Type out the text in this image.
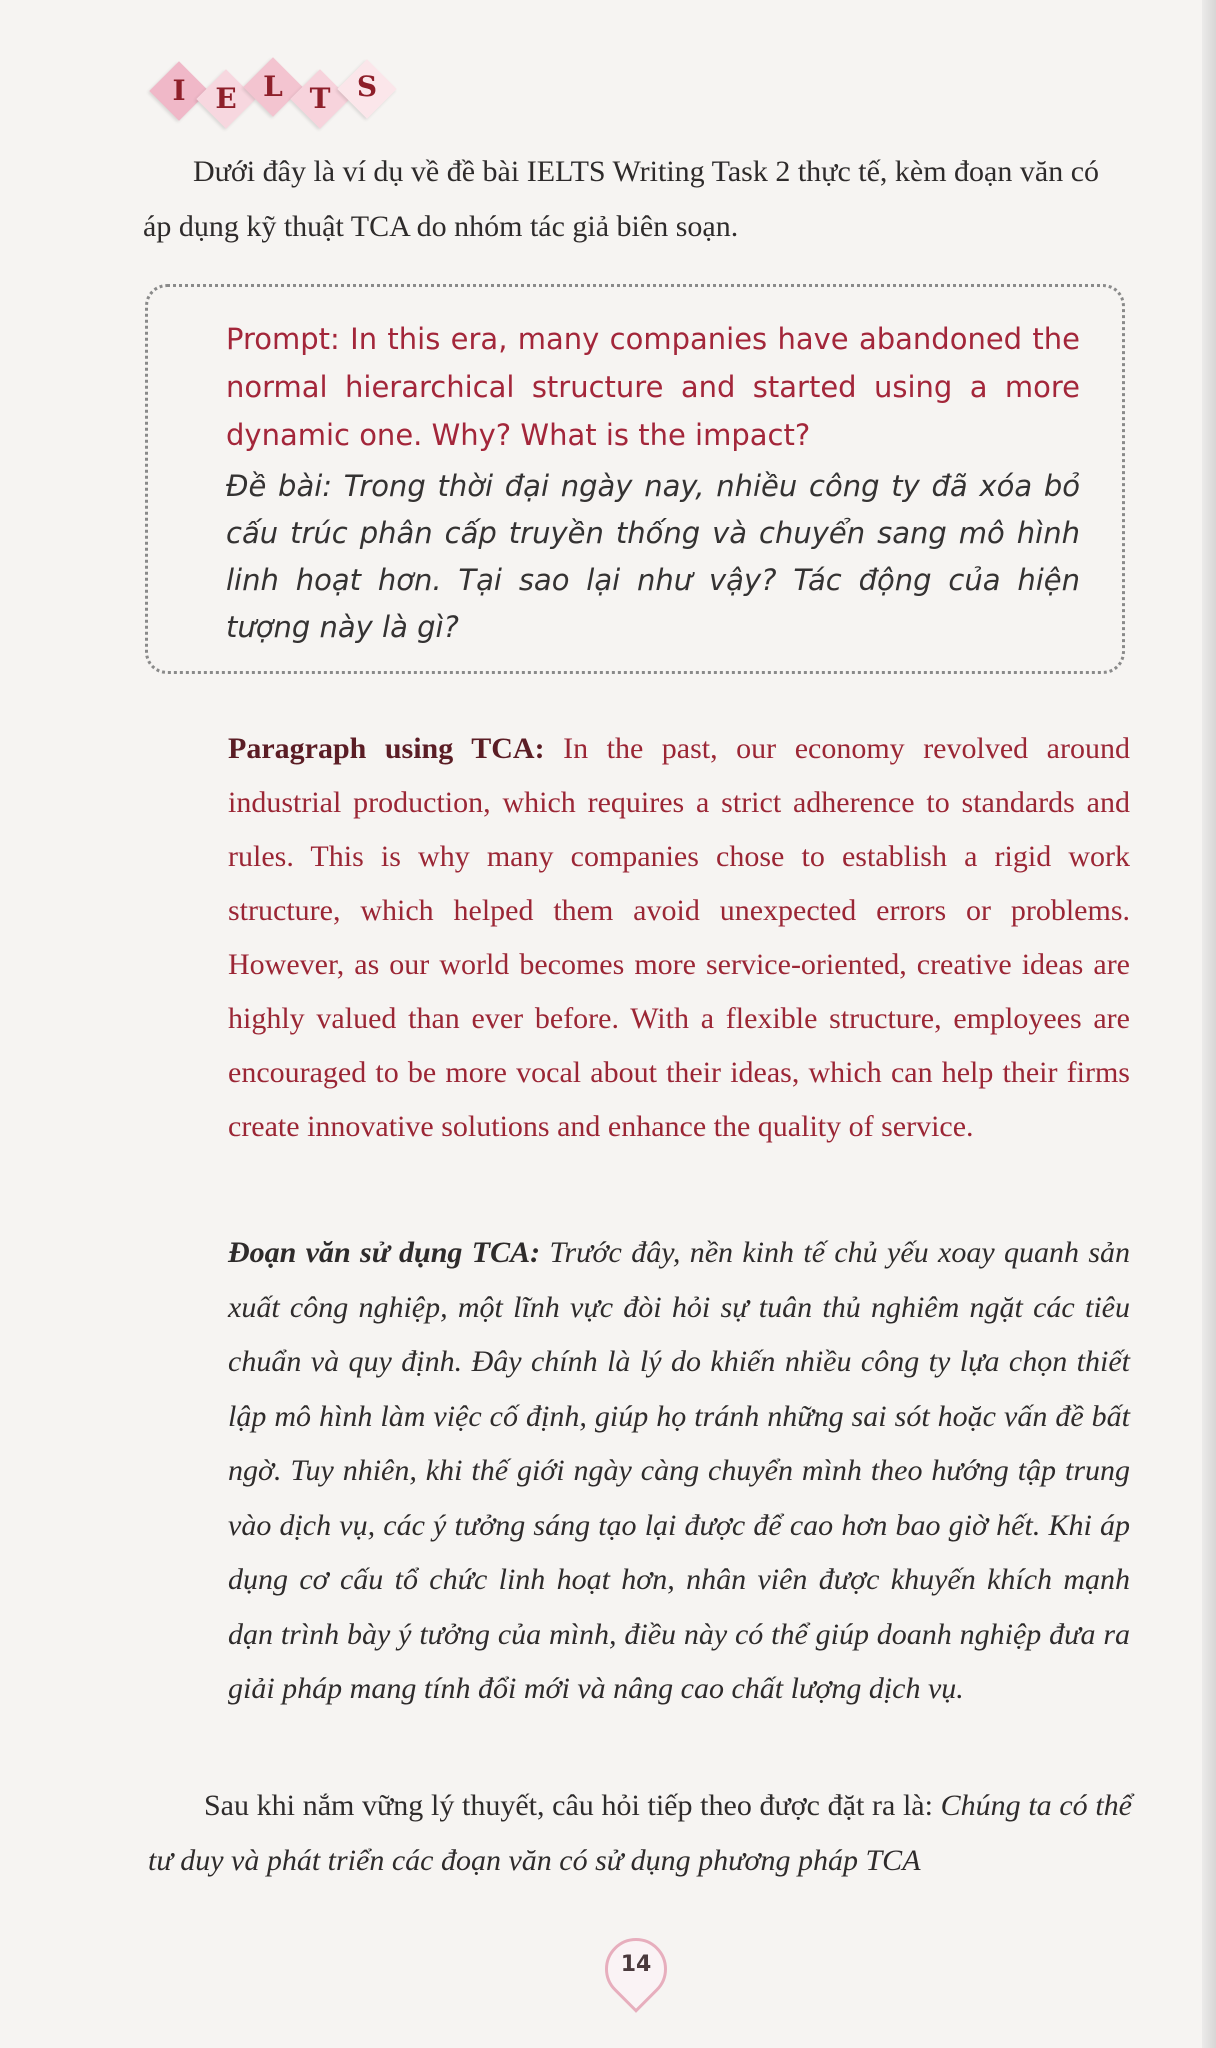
I	E L T S
Dưới đây là ví dụ về đề bài IELTS Writing Task 2 thực tế, kèm đoạn văn có áp dụng kỹ thuật TCA do nhóm tác giả biên soạn.
Prompt: In this era, many companies have abandoned the normal hierarchical structure and started using a more dynamic one. Why? What is the impact?
Đề bài: Trong thời đại ngày nay, nhiều công ty đã xóa bỏ cấu trúc phân cấp truyền thống và chuyển sang mô hình linh hoạt hơn. Tại sao lại như vậy? Tác động của hiện tượng này là gì?
Paragraph using TCA: In the past, our economy revolved around industrial production, which requires a strict adherence to standards and rules. This is why many companies chose to establish a rigid work structure, which helped them avoid unexpected errors or problems. However, as our world becomes more service-oriented, creative ideas are highly valued than ever before. With a flexible structure, employees are encouraged to be more vocal about their ideas, which can help their firms create innovative solutions and enhance the quality of service.
Đoạn văn sử dụng TCA: Trước đây, nền kinh tế chủ yếu xoay quanh sản xuất công nghiệp, một lĩnh vực đòi hỏi sự tuân thủ nghiêm ngặt các tiêu chuẩn và quy định. Đây chính là lý do khiến nhiều công ty lựa chọn thiết lập mô hình làm việc cố định, giúp họ tránh những sai sót hoặc vấn đề bất ngờ. Tuy nhiên, khi thế giới ngày càng chuyển mình theo hướng tập trung vào dịch vụ, các ý tưởng sáng tạo lại được để cao hơn bao giờ hết. Khi áp dụng cơ cấu tổ chức linh hoạt hơn, nhân viên được khuyến khích mạnh dạn trình bày ý tưởng của mình, điều này có thể giúp doanh nghiệp đưa ra giải pháp mang tính đổi mới và nâng cao chất lượng dịch vụ.
Sau khi nắm vững lý thuyết, câu hỏi tiếp theo được đặt ra là: Chúng ta có thể tư duy và phát triển các đoạn văn có sử dụng phương pháp TCA
14
